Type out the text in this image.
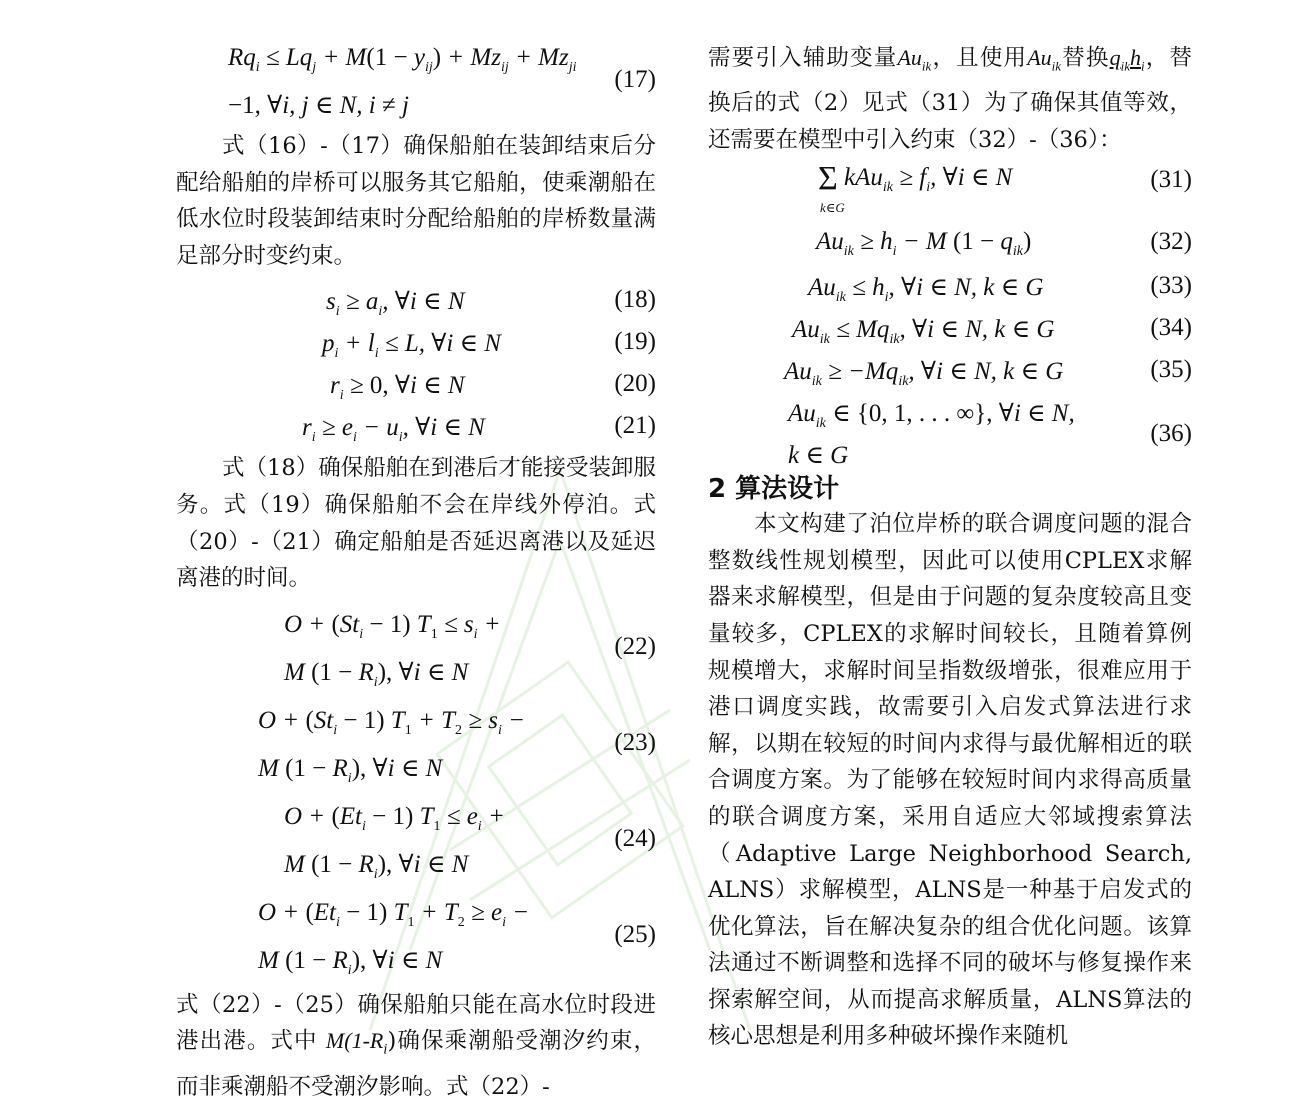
$Rq_i \le Lq_j + M(1 - y_{ij}) + Mz_{ij} + Mz_{ji}$
−1, ∀i, j ∈ N, i ≠ j
(17)

式（16）-（17）确保船舶在装卸结束后分配给船舶的岸桥可以服务其它船舶，使乘潮船在低水位时段装卸结束时分配给船舶的岸桥数量满足部分时变约束。

$s_i \ge a_i$, ∀i ∈ N	(18)
$p_i + l_i \le L$, ∀i ∈ N	(19)
$r_i \ge 0$, ∀i ∈ N	(20)
$r_i \ge e_i - u_i$, ∀i ∈ N	(21)

式（18）确保船舶在到港后才能接受装卸服务。式（19）确保船舶不会在岸线外停泊。式（20）-（21）确定船舶是否延迟离港以及延迟离港的时间。

$O + (St_i - 1) T_1 \le s_i$ +
M $(1 - R_i)$, ∀i ∈ N
(22)
$O + (St_i - 1) T_1 + T_2 \ge s_i$ −
M $(1 - R_i)$, ∀i ∈ N
(23)
$O + (Et_i - 1) T_1 \le e_i$ +
M $(1 - R_i)$, ∀i ∈ N
(24)
$O + (Et_i - 1) T_1 + T_2 \ge e_i$ −
M $(1 - R_i)$, ∀i ∈ N
(25)

式（22）-（25）确保船舶只能在高水位时段进港出港。式中 $M(1-R_i)$确保乘潮船受潮汐约束，而非乘潮船不受潮汐影响。式（22）-

需要引入辅助变量$Au_{ik}$，且使用$Au_{ik}$替换$q_{ik}h_i$，替换后的式（2）见式（31）为了确保其值等效，还需要在模型中引入约束（32）-（36）：

Σ $kAu_{ik} \ge f_i$, ∀i ∈ N
k∈G
(31)
$Au_{ik} \ge h_i - M$ $(1 - q_{ik})$	(32)
$Au_{ik} \le h_i$, ∀i ∈ N, k ∈ G	(33)
$Au_{ik} \le Mq_{ik}$, ∀i ∈ N, k ∈ G	(34)
$Au_{ik} \ge -Mq_{ik}$, ∀i ∈ N, k ∈ G	(35)
$Au_{ik}$ ∈ {0, 1, . . . ∞}, ∀i ∈ N,
k ∈ G
(36)
2 算法设计

本文构建了泊位岸桥的联合调度问题的混合整数线性规划模型，因此可以使用CPLEX求解器来求解模型，但是由于问题的复杂度较高且变量较多，CPLEX的求解时间较长，且随着算例规模增大，求解时间呈指数级增张，很难应用于港口调度实践，故需要引入启发式算法进行求解，以期在较短的时间内求得与最优解相近的联合调度方案。为了能够在较短时间内求得高质量的联合调度方案，采用自适应大邻域搜索算法（Adaptive Large Neighborhood Search, ALNS）求解模型，ALNS是一种基于启发式的优化算法，旨在解决复杂的组合优化问题。该算法通过不断调整和选择不同的破坏与修复操作来探索解空间，从而提高求解质量，ALNS算法的核心思想是利用多种破坏操作来随机
